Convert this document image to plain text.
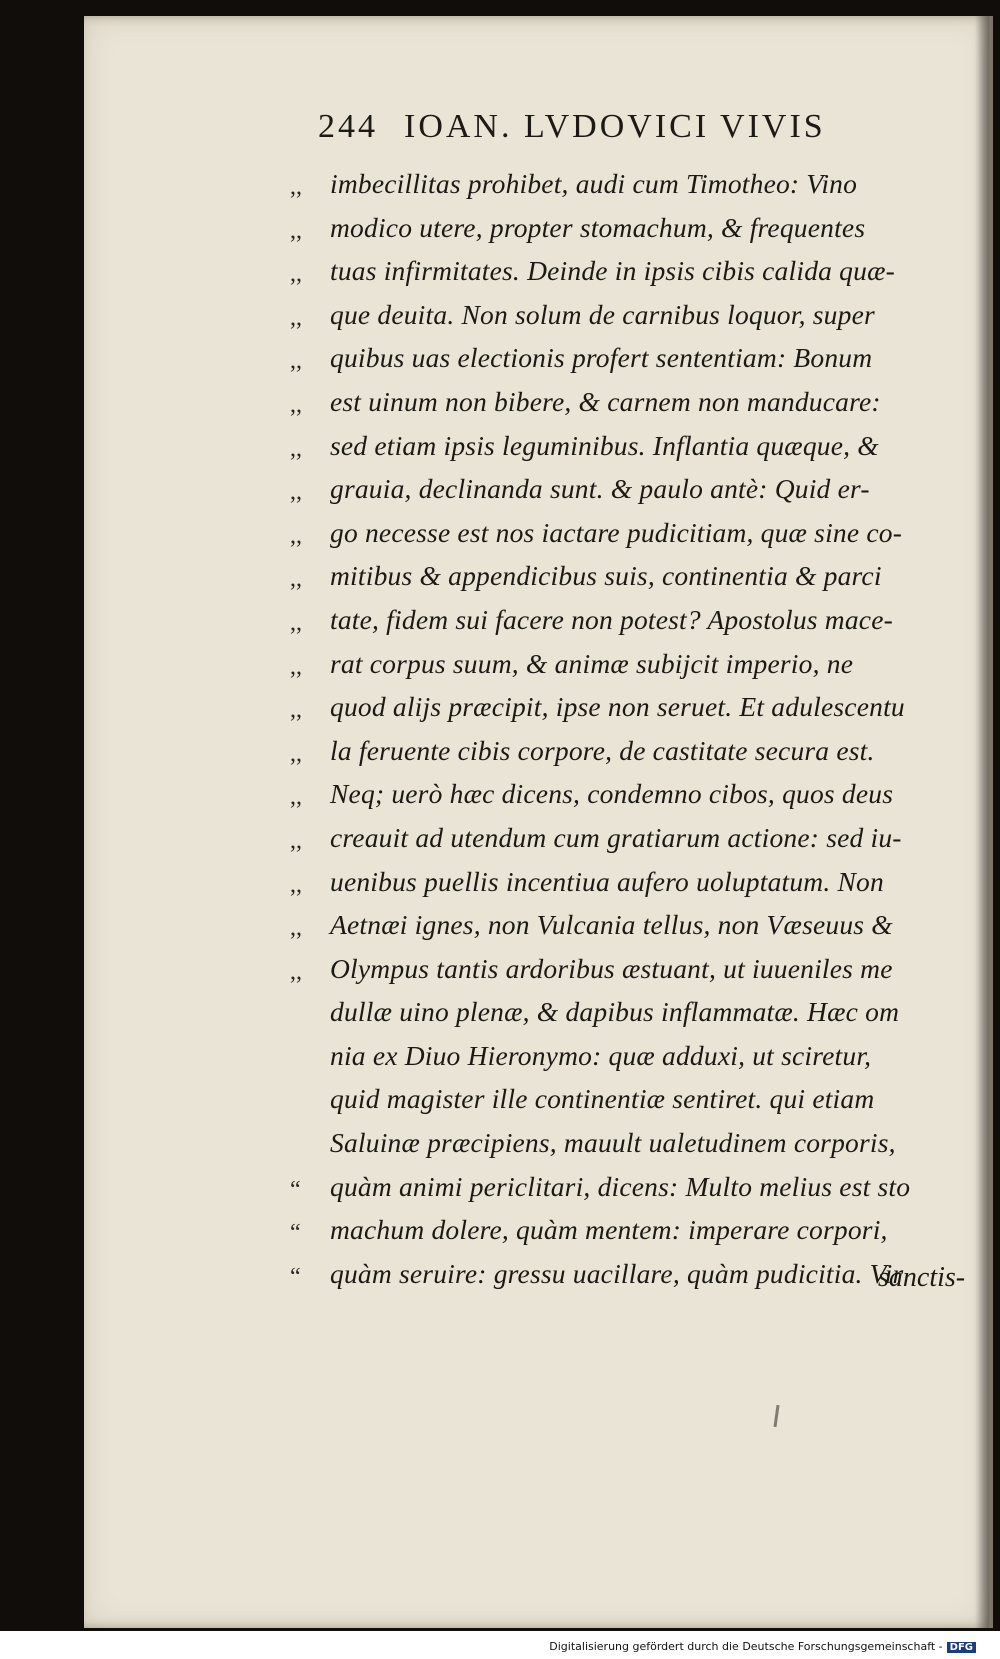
244 IOAN. LVDOVICI VIVIS
,, imbecillitas prohibet, audi cum Timotheo: Vino
,, modico utere, propter stomachum, & frequentes
,, tuas infirmitates. Deinde in ipsis cibis calida quæ-
,, que deuita. Non solum de carnibus loquor, super
,, quibus uas electionis profert sententiam: Bonum
,, est uinum non bibere, & carnem non manducare:
,, sed etiam ipsis leguminibus. Inflantia quæque, &
,, grauia, declinanda sunt. & paulo antè: Quid er-
,, go necesse est nos iactare pudicitiam, quæ sine co-
,, mitibus & appendicibus suis, continentia & parci
,, tate, fidem sui facere non potest? Apostolus mace-
,, rat corpus suum, & animæ subijcit imperio, ne
,, quod alijs præcipit, ipse non seruet. Et adulescentu
,, la feruente cibis corpore, de castitate secura est.
,, Neq; uerò hæc dicens, condemno cibos, quos deus
,, creauit ad utendum cum gratiarum actione: sed iu-
,, uenibus puellis incentiua aufero uoluptatum. Non
,, Aetnæi ignes, non Vulcania tellus, non Væseuus &
,, Olympus tantis ardoribus æstuant, ut iuueniles me
dullæ uino plenæ, & dapibus inflammatæ. Hæc om
nia ex Diuo Hieronymo: quæ adduxi, ut sciretur,
quid magister ille continentiæ sentiret. qui etiam
Saluinæ præcipiens, mauult ualetudinem corporis,
“ quàm animi periclitari, dicens: Multo melius est sto
“ machum dolere, quàm mentem: imperare corpori,
“ quàm seruire: gressu uacillare, quàm pudicitia. Vir
sanctis-
Digitalisierung gefördert durch die Deutsche Forschungsgemeinschaft - DFG
